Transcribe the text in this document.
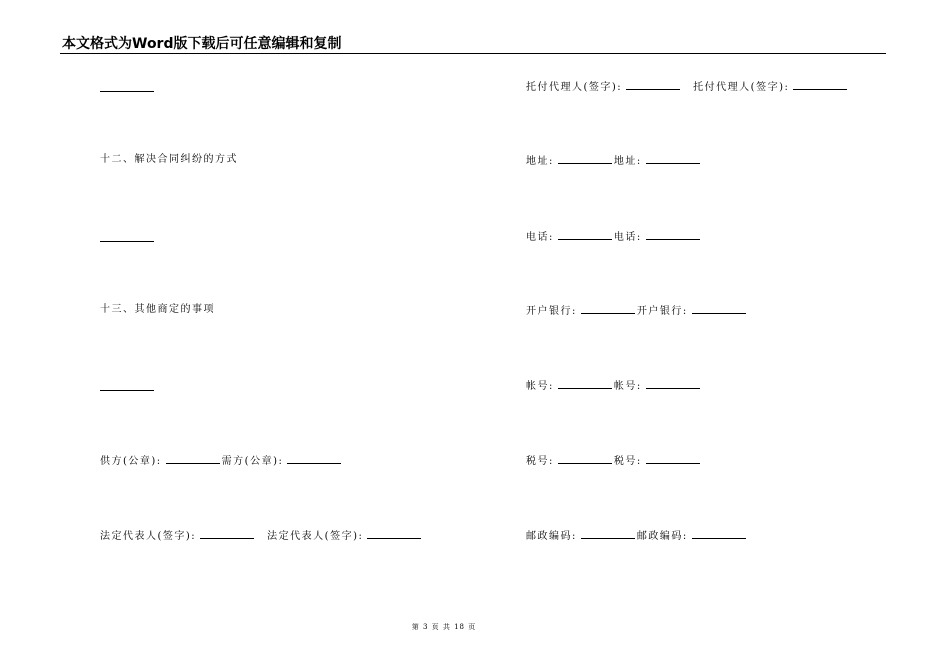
本文格式为Word版下载后可任意编辑和复制
十二、解决合同纠纷的方式
十三、其他商定的事项
供方(公章):	需方(公章):
法定代表人(签字):	法定代表人(签字):
托付代理人(签字):	托付代理人(签字):
地址:	地址:
电话:	电话:
开户银行:	开户银行:
帐号:	帐号:
税号:	税号:
邮政编码:	邮政编码:
第 3 页 共 18 页
